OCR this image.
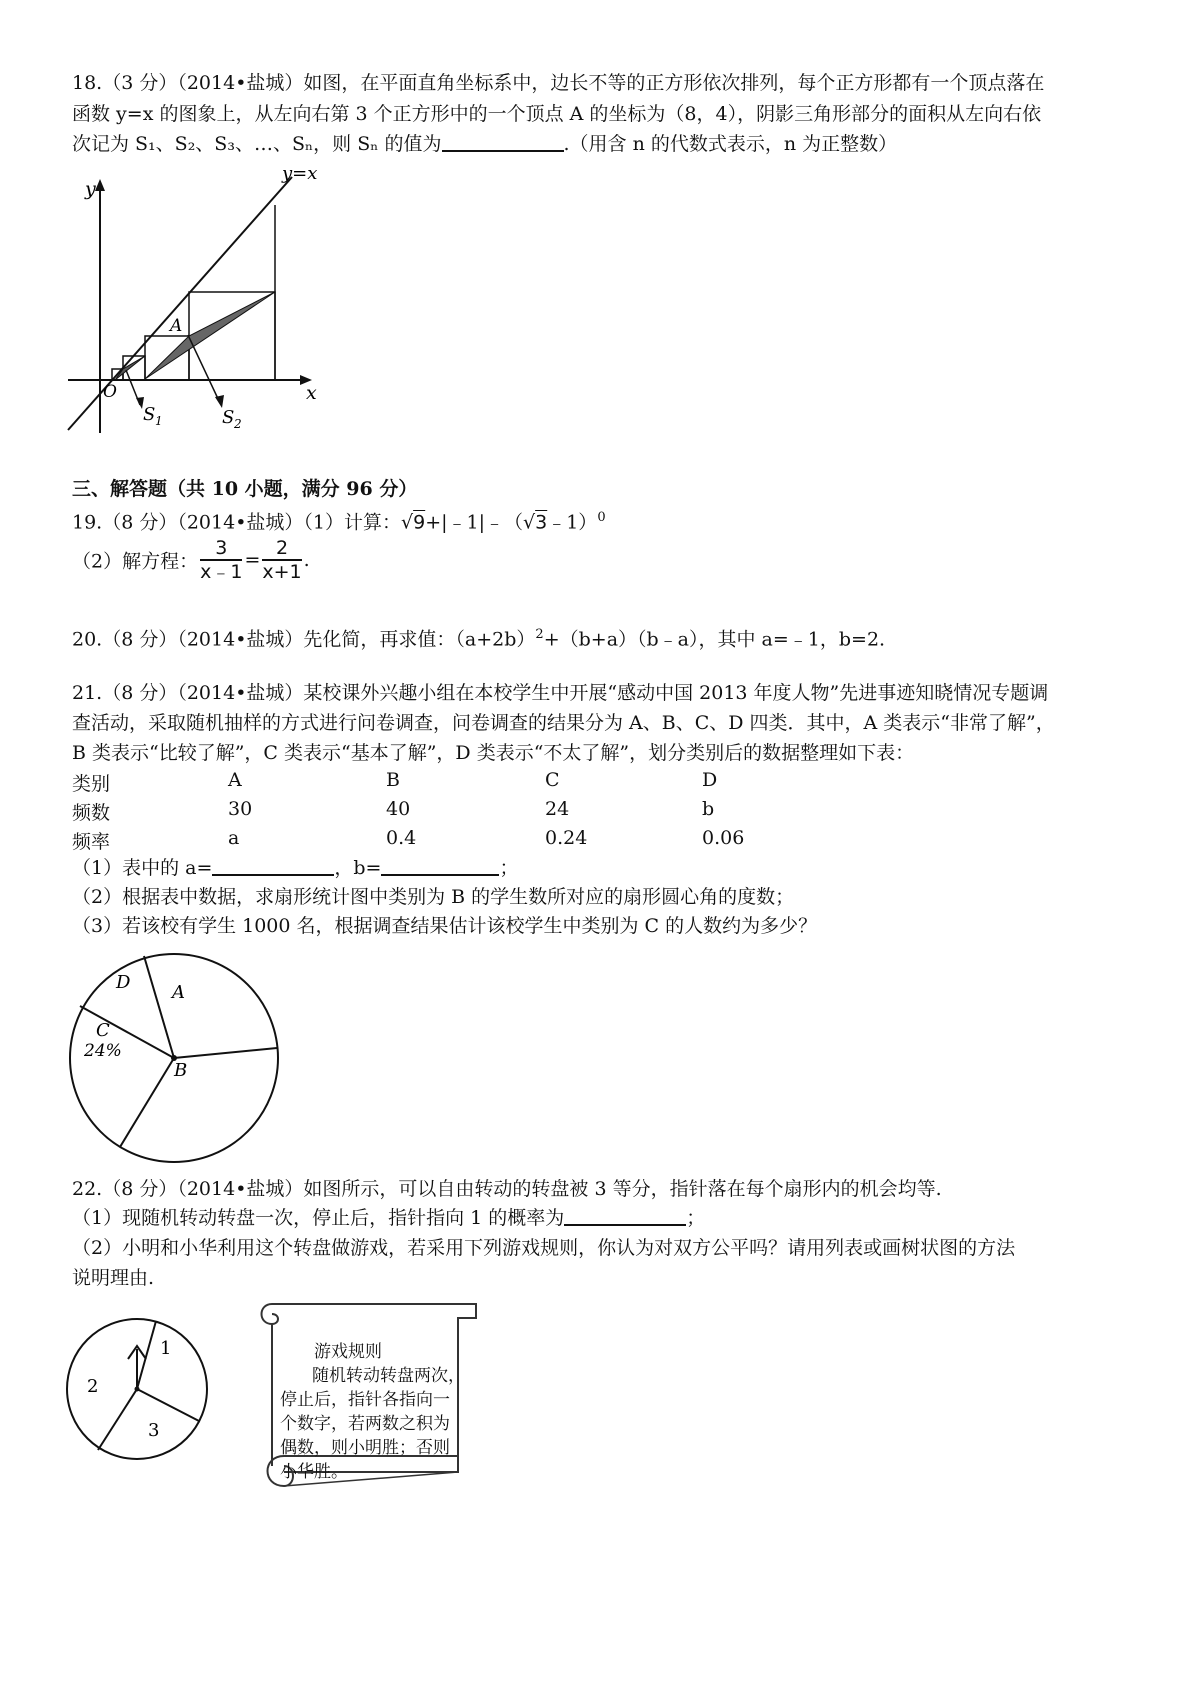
18.（3 分）（2014•盐城）如图，在平面直角坐标系中，边长不等的正方形依次排列，每个正方形都有一个顶点落在
函数 y=x 的图象上，从左向右第 3 个正方形中的一个顶点 A 的坐标为（8，4），阴影三角形部分的面积从左向右依
次记为 S₁、S₂、S₃、…、Sₙ，则 Sₙ 的值为	.（用含 n 的代数式表示，n 为正整数）
y
x
y=x
O
A
S 1	S 2
三、解答题（共 10 小题，满分 96 分）
19.（8 分）（2014•盐城）（1）计算：√9+|﹣1|﹣（√3﹣1）$^0$
（2）解方程： $\frac{3}{x﹣1} = \frac{2}{x+1}$ .
20.（8 分）（2014•盐城）先化简，再求值：$(a+2b)^2+(b+a)(b﹣a)$，其中 a=﹣1，b=2.
21.（8 分）（2014•盐城）某校课外兴趣小组在本校学生中开展“感动中国 2013 年度人物”先进事迹知晓情况专题调
查活动，采取随机抽样的方式进行问卷调查，问卷调查的结果分为 A、B、C、D 四类．其中，A 类表示“非常了解”，
B 类表示“比较了解”，C 类表示“基本了解”，D 类表示“不太了解”，划分类别后的数据整理如下表：
类别	A	B	C	D
频数	30	40	24	b
频率	a	0.4	0.24	0.06
（1）表中的 a=	，b=	；
（2）根据表中数据，求扇形统计图中类别为 B 的学生数所对应的扇形圆心角的度数；
（3）若该校有学生 1000 名，根据调查结果估计该校学生中类别为 C 的人数约为多少？
D A
C
24%
B
22.（8 分）（2014•盐城）如图所示，可以自由转动的转盘被 3 等分，指针落在每个扇形内的机会均等.
（1）现随机转动转盘一次，停止后，指针指向 1 的概率为	；
（2）小明和小华利用这个转盘做游戏，若采用下列游戏规则，你认为对双方公平吗？请用列表或画树状图的方法
说明理由.
1
2
3
游戏规则
随机转动转盘两次，
停止后，指针各指向一
个数字，若两数之积为
偶数，则小明胜；否则
小华胜。
